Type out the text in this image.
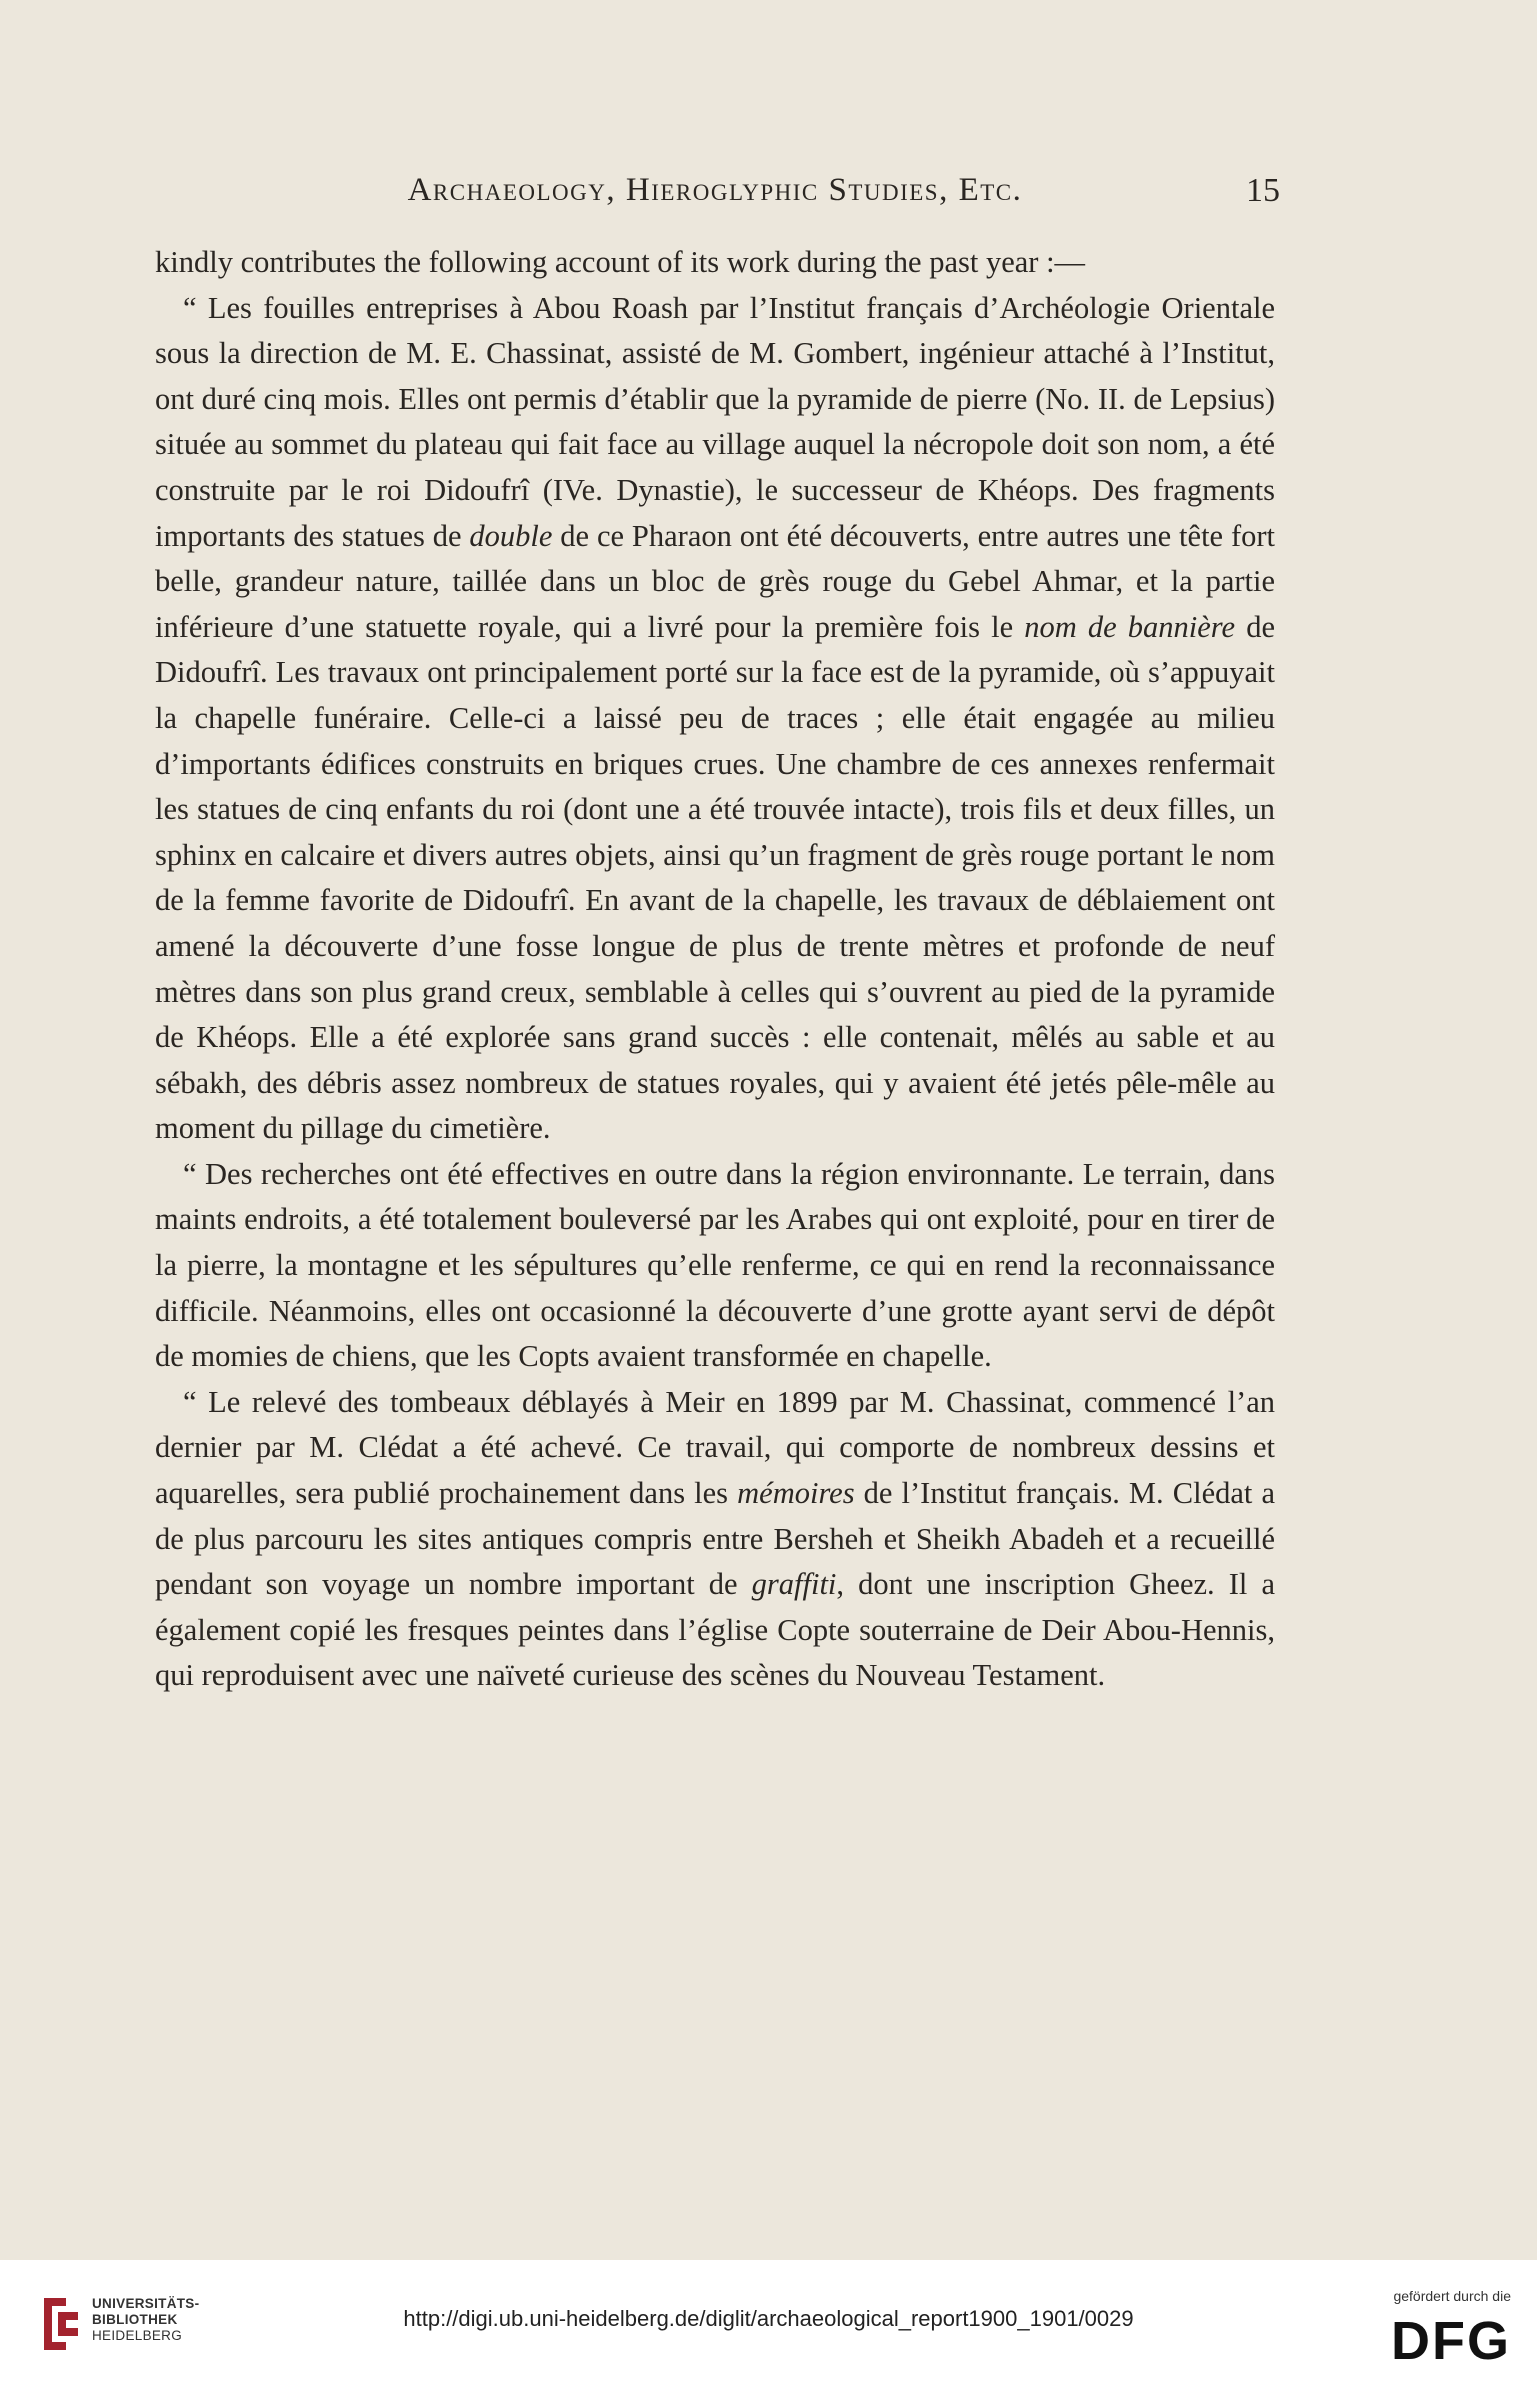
Archaeology, Hieroglyphic Studies, Etc.	15

kindly contributes the following account of its work during the past year :—

“ Les fouilles entreprises à Abou Roash par l’Institut français d’Archéologie Orientale sous la direction de M. E. Chassinat, assisté de M. Gombert, ingénieur attaché à l’Institut, ont duré cinq mois. Elles ont permis d’établir que la pyramide de pierre (No. II. de Lepsius) située au sommet du plateau qui fait face au village auquel la nécropole doit son nom, a été construite par le roi Didoufrî (IVe. Dynastie), le successeur de Khéops. Des fragments importants des statues de double de ce Pharaon ont été découverts, entre autres une tête fort belle, grandeur nature, taillée dans un bloc de grès rouge du Gebel Ahmar, et la partie inférieure d’une statuette royale, qui a livré pour la première fois le nom de bannière de Didoufrî. Les travaux ont principalement porté sur la face est de la pyramide, où s’appuyait la chapelle funéraire. Celle-ci a laissé peu de traces ; elle était engagée au milieu d’importants édifices construits en briques crues. Une chambre de ces annexes renfermait les statues de cinq enfants du roi (dont une a été trouvée intacte), trois fils et deux filles, un sphinx en calcaire et divers autres objets, ainsi qu’un fragment de grès rouge portant le nom de la femme favorite de Didoufrî. En avant de la chapelle, les travaux de déblaiement ont amené la découverte d’une fosse longue de plus de trente mètres et profonde de neuf mètres dans son plus grand creux, semblable à celles qui s’ouvrent au pied de la pyramide de Khéops. Elle a été explorée sans grand succès : elle contenait, mêlés au sable et au sébakh, des débris assez nombreux de statues royales, qui y avaient été jetés pêle-mêle au moment du pillage du cimetière.

“ Des recherches ont été effectives en outre dans la région environnante. Le terrain, dans maints endroits, a été totalement bouleversé par les Arabes qui ont exploité, pour en tirer de la pierre, la montagne et les sépultures qu’elle renferme, ce qui en rend la reconnaissance difficile. Néanmoins, elles ont occasionné la découverte d’une grotte ayant servi de dépôt de momies de chiens, que les Copts avaient transformée en chapelle.

“ Le relevé des tombeaux déblayés à Meir en 1899 par M. Chassinat, commencé l’an dernier par M. Clédat a été achevé. Ce travail, qui comporte de nombreux dessins et aquarelles, sera publié prochainement dans les mémoires de l’Institut français. M. Clédat a de plus parcouru les sites antiques compris entre Bersheh et Sheikh Abadeh et a recueillé pendant son voyage un nombre important de graffiti, dont une inscription Gheez. Il a également copié les fresques peintes dans l’église Copte souterraine de Deir Abou-Hennis, qui reproduisent avec une naïveté curieuse des scènes du Nouveau Testament.

UNIVERSITÄTS-
BIBLIOTHEK
HEIDELBERG
http://digi.ub.uni-heidelberg.de/diglit/archaeological_report1900_1901/0029
gefördert durch die
DFG
